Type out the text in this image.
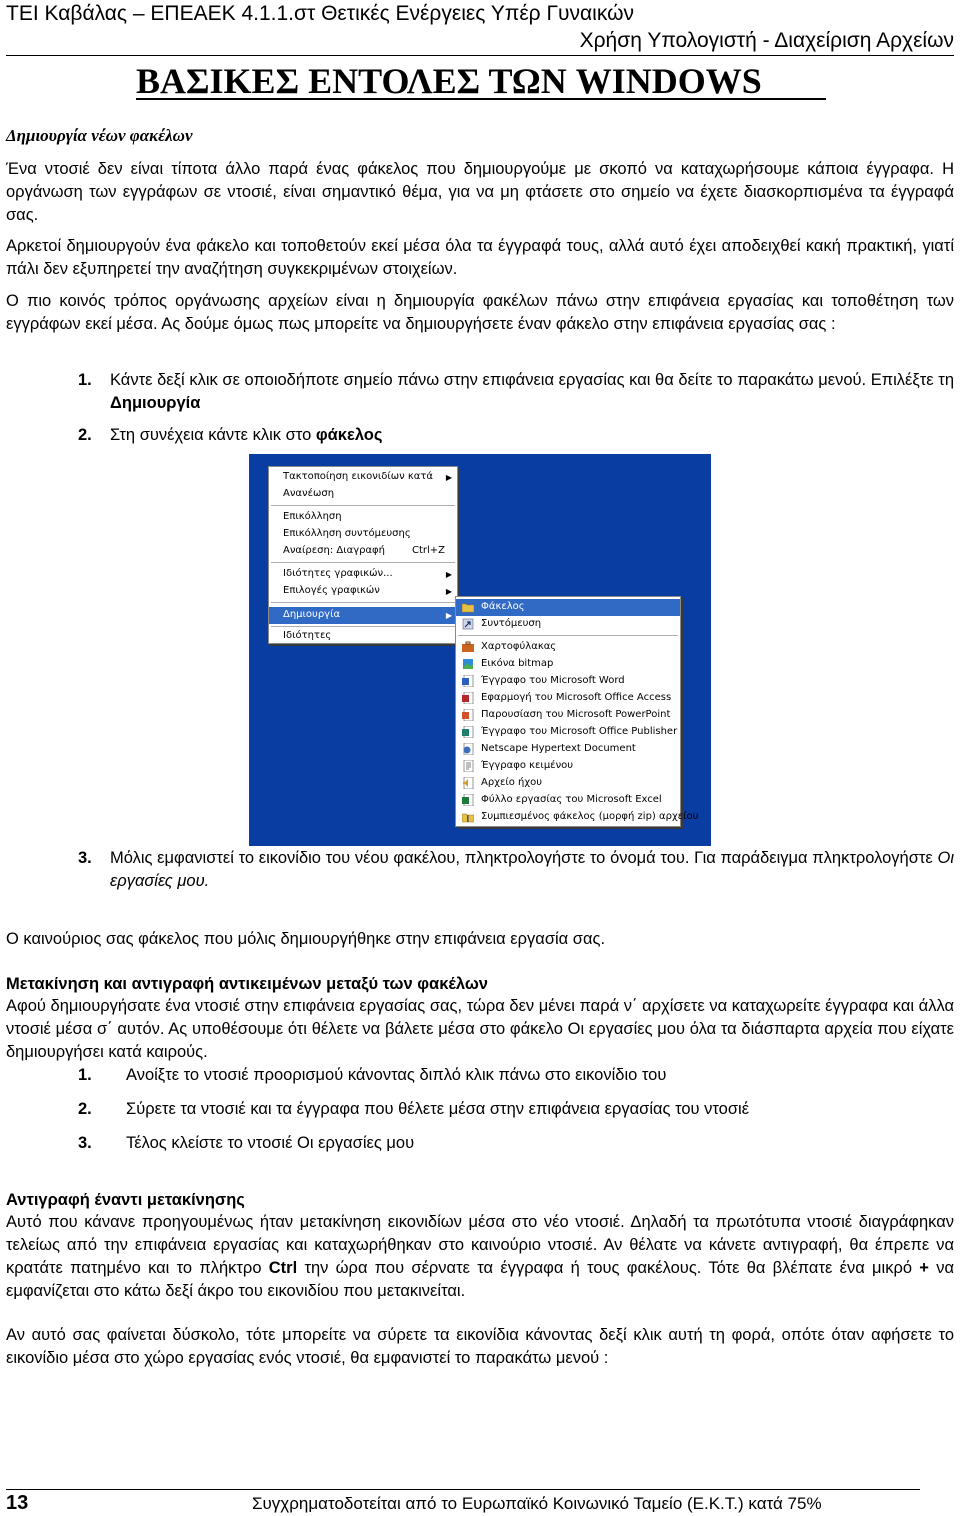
ΤΕΙ Καβάλας – ΕΠΕΑΕΚ 4.1.1.στ Θετικές Ενέργειες Υπέρ Γυναικών
Χρήση Υπολογιστή - Διαχείριση Αρχείων
ΒΑΣΙΚΕΣ ΕΝΤΟΛΕΣ ΤΩΝ WINDOWS
Δημιουργία νέων φακέλων

Ένα ντοσιέ δεν είναι τίποτα άλλο παρά ένας φάκελος που δημιουργούμε με σκοπό να καταχωρήσουμε κάποια έγγραφα. Η οργάνωση των εγγράφων σε ντοσιέ, είναι σημαντικό θέμα, για να μη φτάσετε στο σημείο να έχετε διασκορπισμένα τα έγγραφά σας.

Αρκετοί δημιουργούν ένα φάκελο και τοποθετούν εκεί μέσα όλα τα έγγραφά τους, αλλά αυτό έχει αποδειχθεί κακή πρακτική, γιατί πάλι δεν εξυπηρετεί την αναζήτηση συγκεκριμένων στοιχείων.

Ο πιο κοινός τρόπος οργάνωσης αρχείων είναι η δημιουργία φακέλων πάνω στην επιφάνεια εργασίας και τοποθέτηση των εγγράφων εκεί μέσα. Ας δούμε όμως πως μπορείτε να δημιουργήσετε έναν φάκελο στην επιφάνεια εργασίας σας :

1. Κάντε δεξί κλικ σε οποιοδήποτε σημείο πάνω στην επιφάνεια εργασίας και θα δείτε το παρακάτω μενού. Επιλέξτε τη Δημιουργία
2. Στη συνέχεια κάντε κλικ στο φάκελος
Τακτοποίηση εικονιδίων κατά ▶
Ανανέωση
Επικόλληση
Επικόλληση συντόμευσης
Αναίρεση: Διαγραφή	Ctrl+Z
Ιδιότητες γραφικών...	▶
Επιλογές γραφικών	▶
Δημιουργία	▶
Ιδιότητες
Φάκελος
Συντόμευση
Χαρτοφύλακας
Εικόνα bitmap
Έγγραφο του Microsoft Word
Εφαρμογή του Microsoft Office Access
Παρουσίαση του Microsoft PowerPoint
Έγγραφο του Microsoft Office Publisher
Netscape Hypertext Document
Έγγραφο κειμένου
Αρχείο ήχου
Φύλλο εργασίας του Microsoft Excel
Συμπιεσμένος φάκελος (μορφή zip) αρχείου
3. Μόλις εμφανιστεί το εικονίδιο του νέου φακέλου, πληκτρολογήστε το όνομά του. Για παράδειγμα πληκτρολογήστε Οι εργασίες μου.

Ο καινούριος σας φάκελος που μόλις δημιουργήθηκε στην επιφάνεια εργασία σας.

Μετακίνηση και αντιγραφή αντικειμένων μεταξύ των φακέλων

Αφού δημιουργήσατε ένα ντοσιέ στην επιφάνεια εργασίας σας, τώρα δεν μένει παρά ν΄ αρχίσετε να καταχωρείτε έγγραφα και άλλα ντοσιέ μέσα σ΄ αυτόν. Ας υποθέσουμε ότι θέλετε να βάλετε μέσα στο φάκελο Οι εργασίες μου όλα τα διάσπαρτα αρχεία που είχατε δημιουργήσει κατά καιρούς.

1. Ανοίξτε το ντοσιέ προορισμού κάνοντας διπλό κλικ πάνω στο εικονίδιο του
2. Σύρετε τα ντοσιέ και τα έγγραφα που θέλετε μέσα στην επιφάνεια εργασίας του ντοσιέ
3. Τέλος κλείστε το ντοσιέ Οι εργασίες μου

Αντιγραφή έναντι μετακίνησης

Αυτό που κάνανε προηγουμένως ήταν μετακίνηση εικονιδίων μέσα στο νέο ντοσιέ. Δηλαδή τα πρωτότυπα ντοσιέ διαγράφηκαν τελείως από την επιφάνεια εργασίας και καταχωρήθηκαν στο καινούριο ντοσιέ. Αν θέλατε να κάνετε αντιγραφή, θα έπρεπε να κρατάτε πατημένο και το πλήκτρο Ctrl την ώρα που σέρνατε τα έγγραφα ή τους φακέλους. Τότε θα βλέπατε ένα μικρό + να εμφανίζεται στο κάτω δεξί άκρο του εικονιδίου που μετακινείται.

Αν αυτό σας φαίνεται δύσκολο, τότε μπορείτε να σύρετε τα εικονίδια κάνοντας δεξί κλικ αυτή τη φορά, οπότε όταν αφήσετε το εικονίδιο μέσα στο χώρο εργασίας ενός ντοσιέ, θα εμφανιστεί το παρακάτω μενού :

13	Συγχρηματοδοτείται από το Ευρωπαϊκό Κοινωνικό Ταμείο (Ε.Κ.Τ.) κατά 75%
